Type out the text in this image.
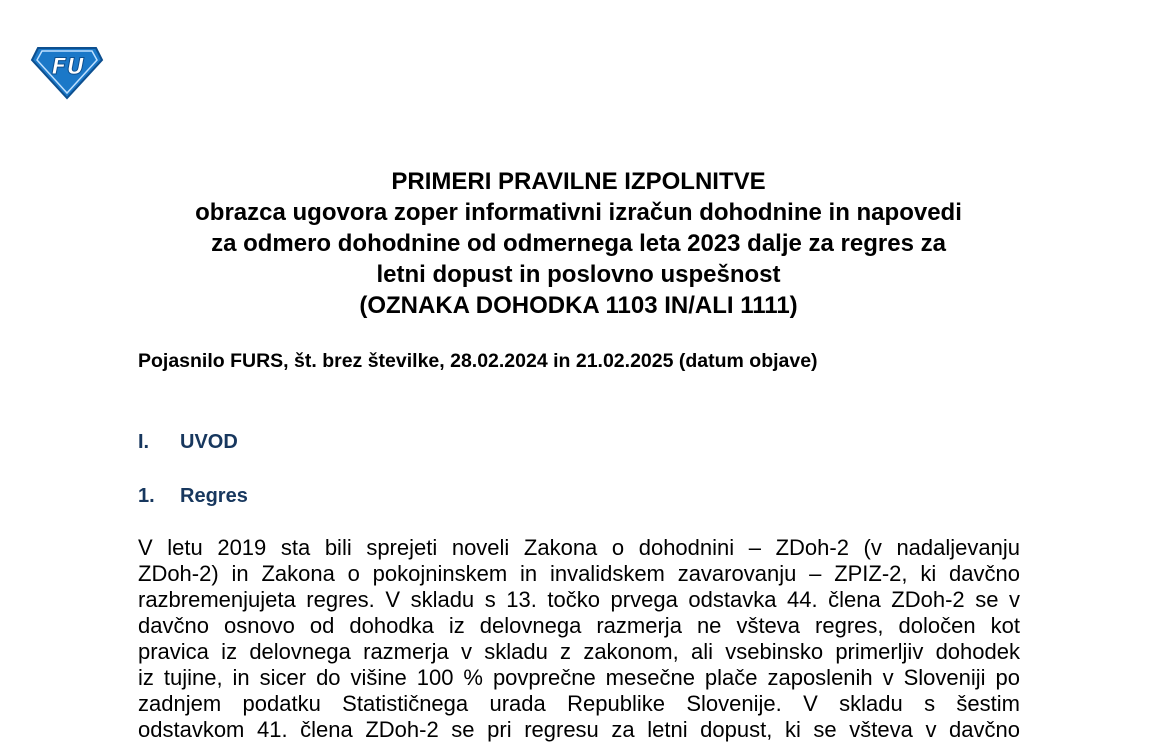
FU
PRIMERI PRAVILNE IZPOLNITVE
obrazca ugovora zoper informativni izračun dohodnine in napovedi
za odmero dohodnine od odmernega leta 2023 dalje za regres za
letni dopust in poslovno uspešnost
(OZNAKA DOHODKA 1103 IN/ALI 1111)
Pojasnilo FURS, št. brez številke, 28.02.2024 in 21.02.2025 (datum objave)
I. UVOD
1. Regres
V letu 2019 sta bili sprejeti noveli Zakona o dohodnini – ZDoh-2 (v nadaljevanju
ZDoh-2) in Zakona o pokojninskem in invalidskem zavarovanju – ZPIZ-2, ki davčno
razbremenjujeta regres. V skladu s 13. točko prvega odstavka 44. člena ZDoh-2 se v
davčno osnovo od dohodka iz delovnega razmerja ne všteva regres, določen kot
pravica iz delovnega razmerja v skladu z zakonom, ali vsebinsko primerljiv dohodek
iz tujine, in sicer do višine 100 % povprečne mesečne plače zaposlenih v Sloveniji po
zadnjem podatku Statističnega urada Republike Slovenije. V skladu s šestim
odstavkom 41. člena ZDoh-2 se pri regresu za letni dopust, ki se všteva v davčno
